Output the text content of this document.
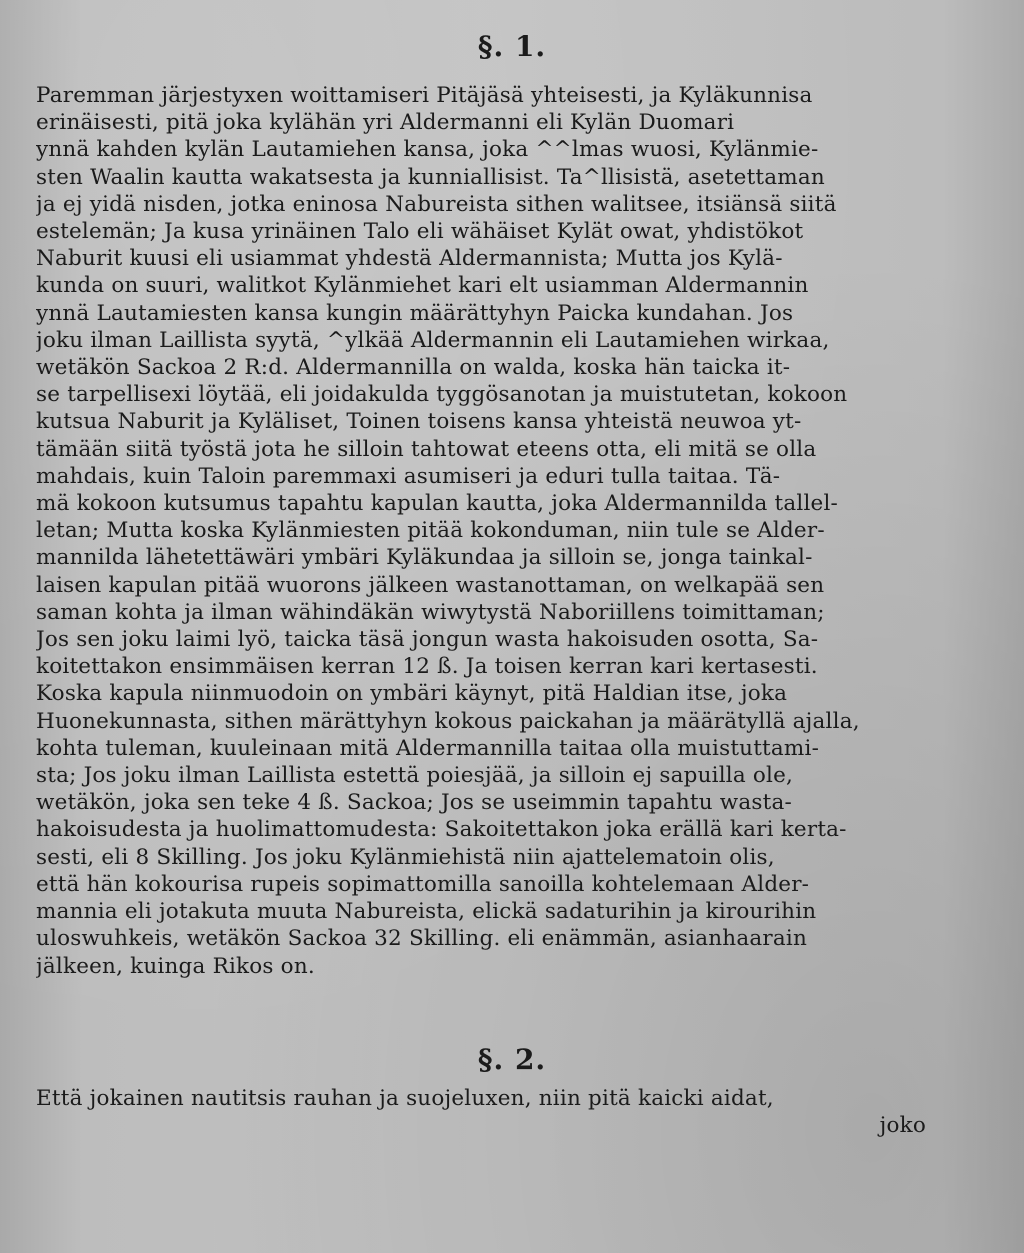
§. 1.
Paremman järjestyxen woittamiseri Pitäjäsä yhteisesti, ja Kyläkunnisa
erinäisesti, pitä joka kylähän yri Aldermanni eli Kylän Duomari
ynnä kahden kylän Lautamiehen kansa, joka ^^lmas wuosi, Kylänmie-
sten Waalin kautta wakatsesta ja kunniallisist. Ta^llisistä, asetettaman
ja ej yidä nisden, jotka eninosa Nabureista sithen walitsee, itsiänsä siitä
estelemän; Ja kusa yrinäinen Talo eli wähäiset Kylät owat, yhdistökot
Naburit kuusi eli usiammat yhdestä Aldermannista; Mutta jos Kylä-
kunda on suuri, walitkot Kylänmiehet kari elt usiamman Aldermannin
ynnä Lautamiesten kansa kungin määrättyhyn Paicka kundahan. Jos
joku ilman Laillista syytä, ^ylkää Aldermannin eli Lautamiehen wirkaa,
wetäkön Sackoa 2 R:d. Aldermannilla on walda, koska hän taicka it-
se tarpellisexi löytää, eli joidakulda tyggösanotan ja muistutetan, kokoon
kutsua Naburit ja Kyläliset, Toinen toisens kansa yhteistä neuwoa yt-
tämään siitä työstä jota he silloin tahtowat eteens otta, eli mitä se olla
mahdais, kuin Taloin paremmaxi asumiseri ja eduri tulla taitaa. Tä-
mä kokoon kutsumus tapahtu kapulan kautta, joka Aldermannilda tallel-
letan; Mutta koska Kylänmiesten pitää kokonduman, niin tule se Alder-
mannilda lähetettäwäri ymbäri Kyläkundaa ja silloin se, jonga tainkal-
laisen kapulan pitää wuorons jälkeen wastanottaman, on welkapää sen
saman kohta ja ilman wähindäkän wiwytystä Naboriillens toimittaman;
Jos sen joku laimi lyö, taicka täsä jongun wasta hakoisuden osotta, Sa-
koitettakon ensimmäisen kerran 12 ß. Ja toisen kerran kari kertasesti.
Koska kapula niinmuodoin on ymbäri käynyt, pitä Haldian itse, joka
Huonekunnasta, sithen märättyhyn kokous paickahan ja määrätyllä ajalla,
kohta tuleman, kuuleinaan mitä Aldermannilla taitaa olla muistuttami-
sta; Jos joku ilman Laillista estettä poiesjää, ja silloin ej sapuilla ole,
wetäkön, joka sen teke 4 ß. Sackoa; Jos se useimmin tapahtu wasta-
hakoisudesta ja huolimattomudesta: Sakoitettakon joka erällä kari kerta-
sesti, eli 8 Skilling. Jos joku Kylänmiehistä niin ajattelematoin olis,
että hän kokourisa rupeis sopimattomilla sanoilla kohtelemaan Alder-
mannia eli jotakuta muuta Nabureista, elickä sadaturihin ja kirourihin
uloswuhkeis, wetäkön Sackoa 32 Skilling. eli enämmän, asianhaarain
jälkeen, kuinga Rikos on.
§. 2.
Että jokainen nautitsis rauhan ja suojeluxen, niin pitä kaicki aidat,
joko
